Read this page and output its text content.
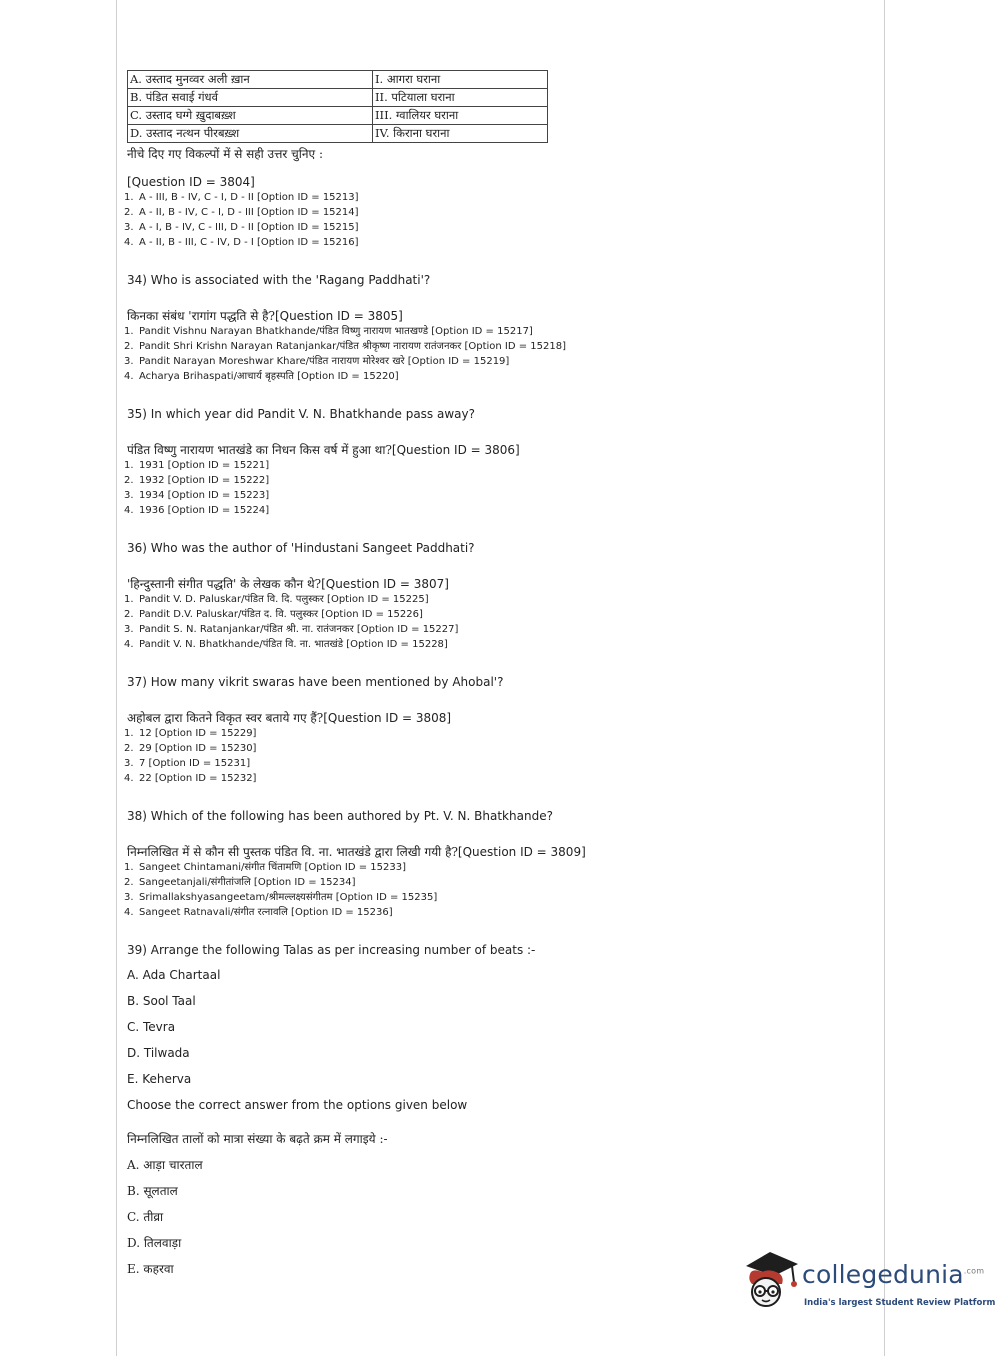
A. उस्ताद मुनव्वर अली ख़ान	I. आगरा घराना
B. पंडित सवाई गंधर्व	II. पटियाला घराना
C. उस्ताद घग्गे ख़ुदाबख़्श	III. ग्वालियर घराना
D. उस्ताद नत्थन पीरबख़्श	IV. किराना घराना

नीचे दिए गए विकल्पों में से सही उत्तर चुनिए :

[Question ID = 3804]

1. A - III, B - IV, C - I, D - II [Option ID = 15213]
2. A - II, B - IV, C - I, D - III [Option ID = 15214]
3. A - I, B - IV, C - III, D - II [Option ID = 15215]
4. A - II, B - III, C - IV, D - I [Option ID = 15216]

34) Who is associated with the 'Ragang Paddhati'?

किनका संबंध 'रागांग पद्धति से है?[Question ID = 3805]

1. Pandit Vishnu Narayan Bhatkhande/पंडित विष्णु नारायण भातखण्डे [Option ID = 15217]
2. Pandit Shri Krishn Narayan Ratanjankar/पंडित श्रीकृष्ण नारायण रातंजनकर [Option ID = 15218]
3. Pandit Narayan Moreshwar Khare/पंडित नारायण मोरेश्वर खरे [Option ID = 15219]
4. Acharya Brihaspati/आचार्य बृहस्पति [Option ID = 15220]

35) In which year did Pandit V. N. Bhatkhande pass away?

पंडित विष्णु नारायण भातखंडे का निधन किस वर्ष में हुआ था?[Question ID = 3806]

1. 1931 [Option ID = 15221]
2. 1932 [Option ID = 15222]
3. 1934 [Option ID = 15223]
4. 1936 [Option ID = 15224]

36) Who was the author of 'Hindustani Sangeet Paddhati?

'हिन्दुस्तानी संगीत पद्धति' के लेखक कौन थे?[Question ID = 3807]

1. Pandit V. D. Paluskar/पंडित वि. दि. पलुस्कर [Option ID = 15225]
2. Pandit D.V. Paluskar/पंडित द. वि. पलुस्कर [Option ID = 15226]
3. Pandit S. N. Ratanjankar/पंडित श्री. ना. रातंजनकर [Option ID = 15227]
4. Pandit V. N. Bhatkhande/पंडित वि. ना. भातखंडे [Option ID = 15228]

37) How many vikrit swaras have been mentioned by Ahobal'?

अहोबल द्वारा कितने विकृत स्वर बताये गए हैं?[Question ID = 3808]

1. 12 [Option ID = 15229]
2. 29 [Option ID = 15230]
3. 7 [Option ID = 15231]
4. 22 [Option ID = 15232]

38) Which of the following has been authored by Pt. V. N. Bhatkhande?

निम्नलिखित में से कौन सी पुस्तक पंडित वि. ना. भातखंडे द्वारा लिखी गयी है?[Question ID = 3809]

1. Sangeet Chintamani/संगीत चिंतामणि [Option ID = 15233]
2. Sangeetanjali/संगीतांजलि [Option ID = 15234]
3. Srimallakshyasangeetam/श्रीमल्लक्ष्यसंगीतम [Option ID = 15235]
4. Sangeet Ratnavali/संगीत रत्नावलि [Option ID = 15236]

39) Arrange the following Talas as per increasing number of beats :-

A. Ada Chartaal

B. Sool Taal

C. Tevra

D. Tilwada

E. Keherva

Choose the correct answer from the options given below

निम्नलिखित तालों को मात्रा संख्या के बढ़ते क्रम में लगाइये :-

A. आड़ा चारताल

B. सूलताल

C. तीव्रा

D. तिलवाड़ा

E. कहरवा	collegedunia$^{.com}$
India's largest Student Review Platform
